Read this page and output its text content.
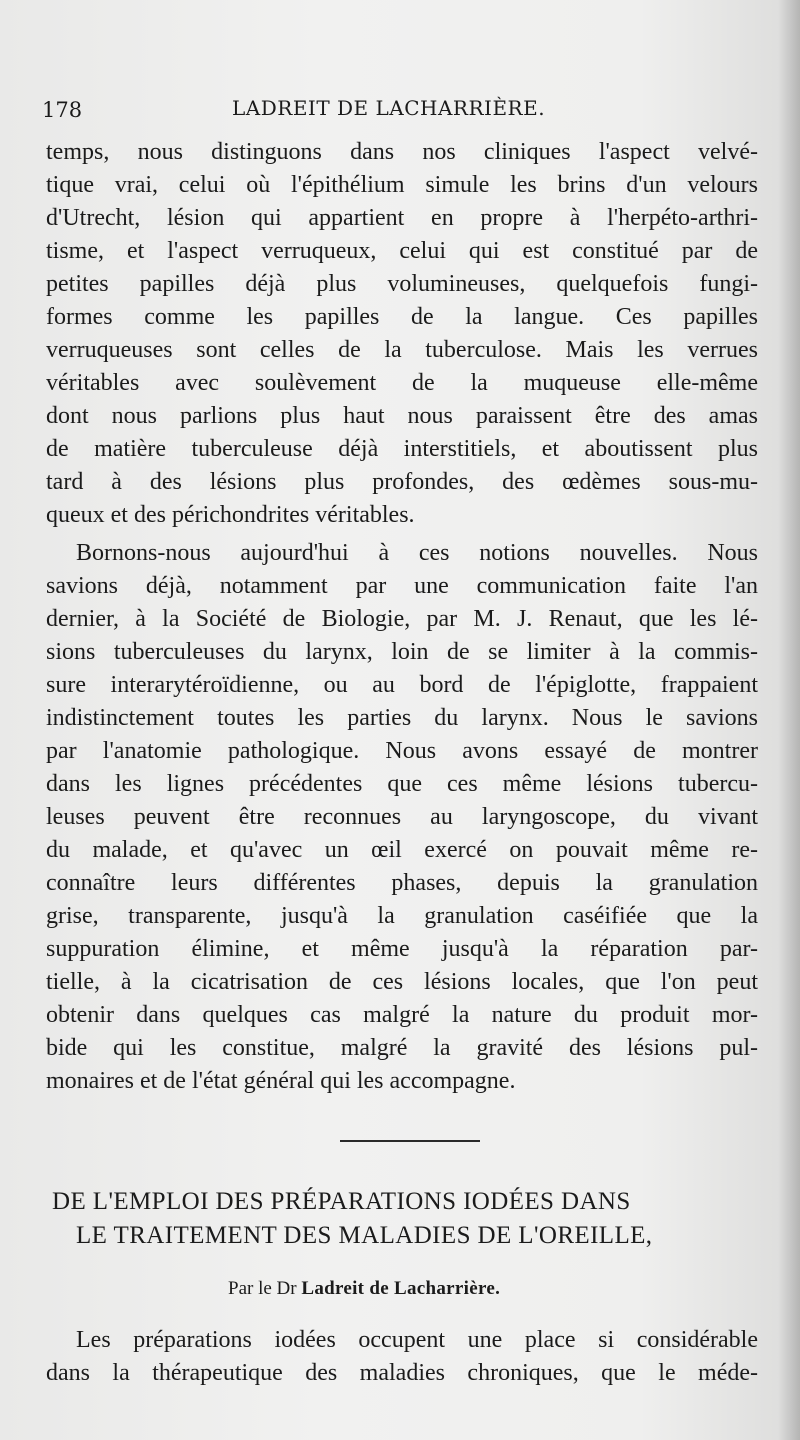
178	LADREIT DE LACHARRIÈRE.
temps, nous distinguons dans nos cliniques l'aspect velvé-
tique vrai, celui où l'épithélium simule les brins d'un velours
d'Utrecht, lésion qui appartient en propre à l'herpéto-arthri-
tisme, et l'aspect verruqueux, celui qui est constitué par de
petites papilles déjà plus volumineuses, quelquefois fungi-
formes comme les papilles de la langue. Ces papilles
verruqueuses sont celles de la tuberculose. Mais les verrues
véritables avec soulèvement de la muqueuse elle-même
dont nous parlions plus haut nous paraissent être des amas
de matière tuberculeuse déjà interstitiels, et aboutissent plus
tard à des lésions plus profondes, des œdèmes sous-mu-
queux et des périchondrites véritables.
Bornons-nous aujourd'hui à ces notions nouvelles. Nous
savions déjà, notamment par une communication faite l'an
dernier, à la Société de Biologie, par M. J. Renaut, que les lé-
sions tuberculeuses du larynx, loin de se limiter à la commis-
sure interarytéroïdienne, ou au bord de l'épiglotte, frappaient
indistinctement toutes les parties du larynx. Nous le savions
par l'anatomie pathologique. Nous avons essayé de montrer
dans les lignes précédentes que ces même lésions tubercu-
leuses peuvent être reconnues au laryngoscope, du vivant
du malade, et qu'avec un œil exercé on pouvait même re-
connaître leurs différentes phases, depuis la granulation
grise, transparente, jusqu'à la granulation caséifiée que la
suppuration élimine, et même jusqu'à la réparation par-
tielle, à la cicatrisation de ces lésions locales, que l'on peut
obtenir dans quelques cas malgré la nature du produit mor-
bide qui les constitue, malgré la gravité des lésions pul-
monaires et de l'état général qui les accompagne.
Les préparations iodées occupent une place si considérable
dans la thérapeutique des maladies chroniques, que le méde-
DE L'EMPLOI DES PRÉPARATIONS IODÉES DANS
LE TRAITEMENT DES MALADIES DE L'OREILLE,
Par le Dr Ladreit de Lacharrière.
